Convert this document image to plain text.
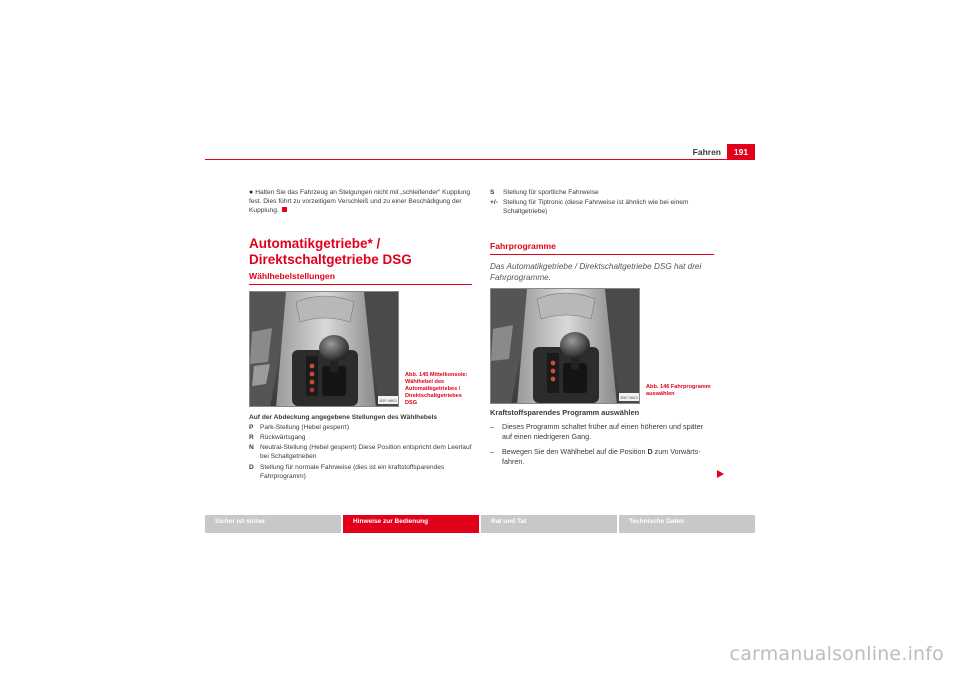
Fahren	191

● Halten Sie das Fahrzeug an Steigungen nicht mit „schleifender“ Kupplung fest. Dies führt zu vorzeitigem Verschleiß und zu einer Beschädigung der Kupplung.

Automatikgetriebe* / Direktschaltgetriebe DSG
Wählhebelstellungen
B5P-0683
Abb. 145 Mittelkonsole: Wählhebel des Automatikgetriebes / Direktschaltgetriebes DSG
Auf der Abdeckung angegebene Stellungen des Wählhebels
P Park-Stellung (Hebel gesperrt)
R Rückwärtsgang
N Neutral-Stellung (Hebel gesperrt) Diese Position entspricht dem Leerlauf bei Schaltgetrieben
D Stellung für normale Fahrweise (dies ist ein kraftstoffsparendes Fahrprogramm)
S	Stellung für sportliche Fahrweise
+/- Stellung für Tiptronic (diese Fahrweise ist ähnlich wie bei einem Schaltgetriebe)
Fahrprogramme
Das Automatikgetriebe / Direktschaltgetriebe DSG hat drei Fahrprogramme.
B5P-0683
Abb. 146 Fahrprogramm auswählen
Kraftstoffsparendes Programm auswählen
–	Dieses Programm schaltet früher auf einen höheren und später auf einen niedrigeren Gang.
–	Bewegen Sie den Wählhebel auf die Position D zum Vorwärtsfahren.
Sicher ist sicher	Hinweise zur Bedienung	Rat und Tat	Technische Daten
carmanualsonline.info
